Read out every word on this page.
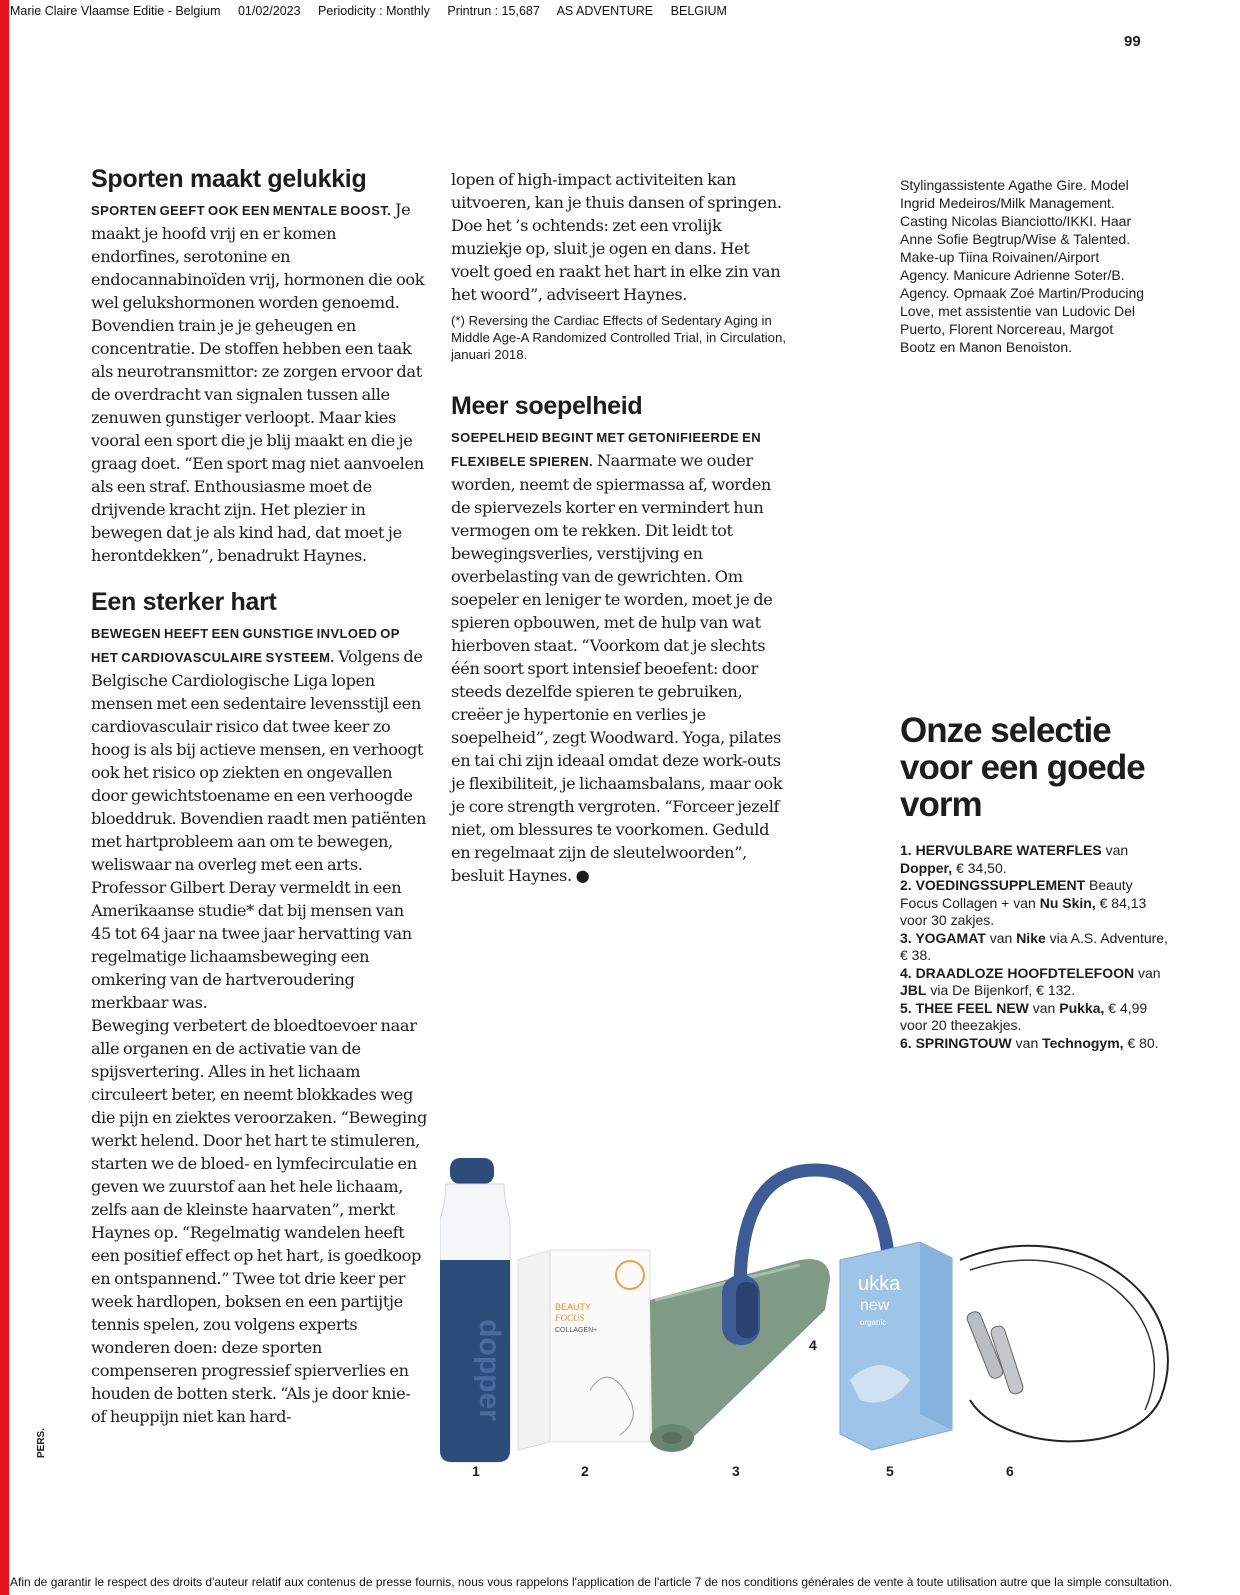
Marie Claire Vlaamse Editie - Belgium 01/02/2023 Periodicity : Monthly Printrun : 15,687 AS ADVENTURE BELGIUM
99
Sporten maakt gelukkig

SPORTEN GEEFT OOK EEN MENTALE BOOST. Je maakt je hoofd vrij en er komen endorfines, serotonine en endocannabinoïden vrij, hormonen die ook wel gelukshormonen worden genoemd. Bovendien train je je geheugen en concentratie. De stoffen hebben een taak als neurotransmittor: ze zorgen ervoor dat de overdracht van signalen tussen alle zenuwen gunstiger verloopt. Maar kies vooral een sport die je blij maakt en die je graag doet. “Een sport mag niet aanvoelen als een straf. Enthousiasme moet de drijvende kracht zijn. Het plezier in bewegen dat je als kind had, dat moet je herontdekken”, benadrukt Haynes.

Een sterker hart

BEWEGEN HEEFT EEN GUNSTIGE INVLOED OP HET CARDIOVASCULAIRE SYSTEEM. Volgens de Belgische Cardiologische Liga lopen mensen met een sedentaire levensstijl een cardiovasculair risico dat twee keer zo hoog is als bij actieve mensen, en verhoogt ook het risico op ziekten en ongevallen door gewichtstoename en een verhoogde bloeddruk. Bovendien raadt men patiënten met hartprobleem aan om te bewegen, weliswaar na overleg met een arts. Professor Gilbert Deray vermeldt in een Amerikaanse studie* dat bij mensen van 45 tot 64 jaar na twee jaar hervatting van regelmatige lichaamsbeweging een omkering van de hartveroudering merkbaar was.

Beweging verbetert de bloedtoevoer naar alle organen en de activatie van de spijsvertering. Alles in het lichaam circuleert beter, en neemt blokkades weg die pijn en ziektes veroorzaken. “Beweging werkt helend. Door het hart te stimuleren, starten we de bloed- en lymfecirculatie en geven we zuurstof aan het hele lichaam, zelfs aan de kleinste haarvaten”, merkt Haynes op. “Regelmatig wandelen heeft een positief effect op het hart, is goedkoop en ontspannend.” Twee tot drie keer per week hardlopen, boksen en een partijtje tennis spelen, zou volgens experts wonderen doen: deze sporten compenseren progressief spierverlies en houden de botten sterk. “Als je door knie- of heuppijn niet kan hard-

lopen of high-impact activiteiten kan uitvoeren, kan je thuis dansen of springen. Doe het ’s ochtends: zet een vrolijk muziekje op, sluit je ogen en dans. Het voelt goed en raakt het hart in elke zin van het woord”, adviseert Haynes.

(*) Reversing the Cardiac Effects of Sedentary Aging in Middle Age-A Randomized Controlled Trial, in Circulation, januari 2018.

Meer soepelheid

SOEPELHEID BEGINT MET GETONIFIEERDE EN FLEXIBELE SPIEREN. Naarmate we ouder worden, neemt de spiermassa af, worden de spiervezels korter en vermindert hun vermogen om te rekken. Dit leidt tot bewegingsverlies, verstijving en overbelasting van de gewrichten. Om soepeler en leniger te worden, moet je de spieren opbouwen, met de hulp van wat hierboven staat. “Voorkom dat je slechts één soort sport intensief beoefent: door steeds dezelfde spieren te gebruiken, creëer je hypertonie en verlies je soepelheid”, zegt Woodward. Yoga, pilates en tai chi zijn ideaal omdat deze work-outs je flexibiliteit, je lichaamsbalans, maar ook je core strength vergroten. “Forceer jezelf niet, om blessures te voorkomen. Geduld en regelmaat zijn de sleutelwoorden”, besluit Haynes. ●

Stylingassistente Agathe Gire. Model Ingrid Medeiros/Milk Management. Casting Nicolas Bianciotto/IKKI. Haar Anne Sofie Begtrup/Wise & Talented. Make-up Tiina Roivainen/Airport Agency. Manicure Adrienne Soter/B. Agency. Opmaak Zoé Martin/Producing Love, met assistentie van Ludovic Del Puerto, Florent Norcereau, Margot Bootz en Manon Benoiston.

Onze selectie voor een goede vorm
1. HERVULBARE WATERFLES van Dopper, € 34,50.
2. VOEDINGSSUPPLEMENT Beauty Focus Collagen + van Nu Skin, € 84,13 voor 30 zakjes.
3. YOGAMAT van Nike via A.S. Adventure, € 38.
4. DRAADLOZE HOOFDTELEFOON van JBL via De Bijenkorf, € 132.
5. THEE FEEL NEW van Pukka, € 4,99 voor 20 theezakjes.
6. SPRINGTOUW van Technogym, € 80.
dopper
BEAUTY
FOCUS
COLLAGEN+
ukka
new
organic
1	2	3
4
5	6
PERS.
Afin de garantir le respect des droits d'auteur relatif aux contenus de presse fournis, nous vous rappelons l'application de l'article 7 de nos conditions générales de vente à toute utilisation autre que la simple consultation.
